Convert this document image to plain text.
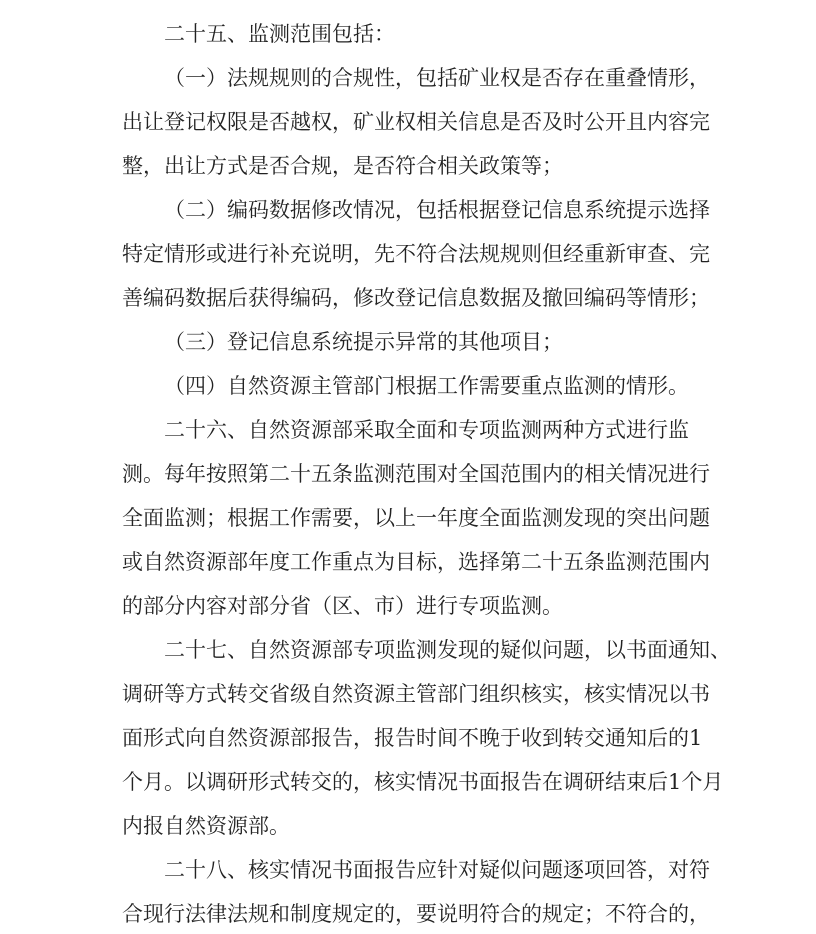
二十五、监测范围包括：
（一）法规规则的合规性，包括矿业权是否存在重叠情形，
出让登记权限是否越权，矿业权相关信息是否及时公开且内容完
整，出让方式是否合规，是否符合相关政策等；
（二）编码数据修改情况，包括根据登记信息系统提示选择
特定情形或进行补充说明，先不符合法规规则但经重新审查、完
善编码数据后获得编码，修改登记信息数据及撤回编码等情形；
（三）登记信息系统提示异常的其他项目；
（四）自然资源主管部门根据工作需要重点监测的情形。
二十六、自然资源部采取全面和专项监测两种方式进行监
测。每年按照第二十五条监测范围对全国范围内的相关情况进行
全面监测；根据工作需要，以上一年度全面监测发现的突出问题
或自然资源部年度工作重点为目标，选择第二十五条监测范围内
的部分内容对部分省（区、市）进行专项监测。
二十七、自然资源部专项监测发现的疑似问题，以书面通知、
调研等方式转交省级自然资源主管部门组织核实，核实情况以书
面形式向自然资源部报告，报告时间不晚于收到转交通知后的1
个月。以调研形式转交的，核实情况书面报告在调研结束后1个月
内报自然资源部。
二十八、核实情况书面报告应针对疑似问题逐项回答，对符
合现行法律法规和制度规定的，要说明符合的规定；不符合的，
